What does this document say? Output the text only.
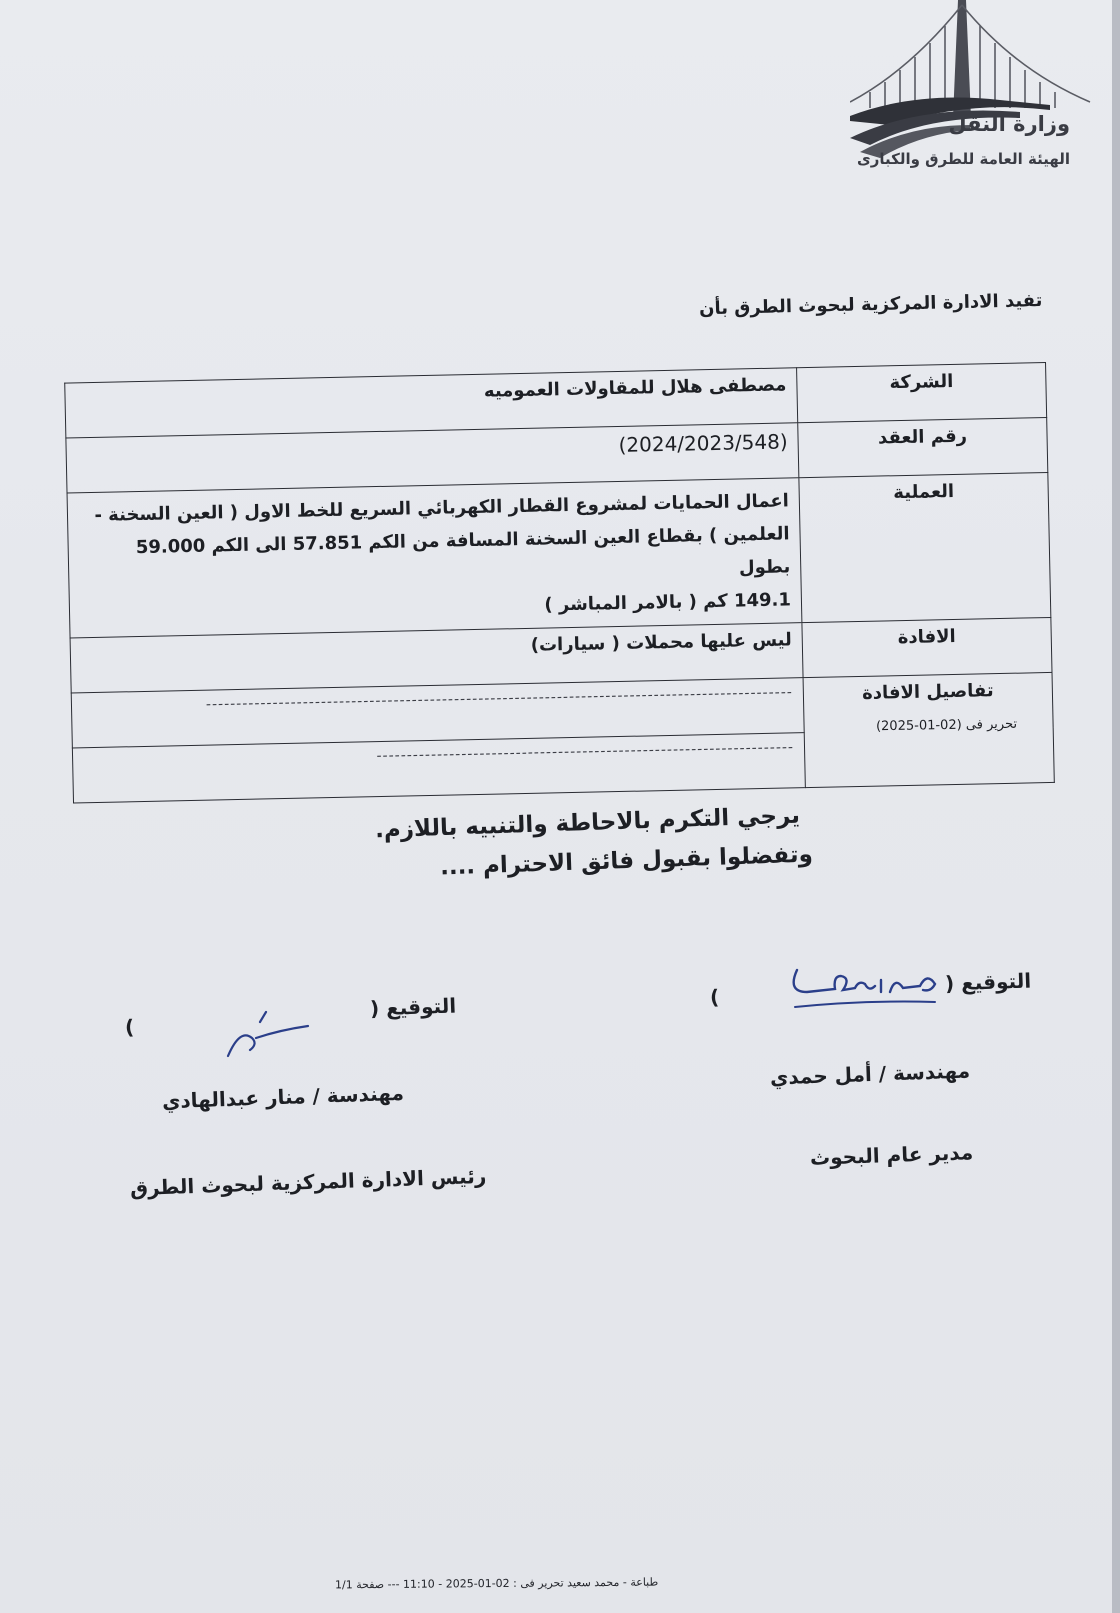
وزارة النقل
الهيئة العامة للطرق والكبارى
تفيد الادارة المركزية لبحوث الطرق بأن
الشركة	مصطفى هلال للمقاولات العموميه
رقم العقد	(2024/2023/548)
العملية	اعمال الحمايات لمشروع القطار الكهربائي السريع للخط الاول ( العين السخنة -
العلمين ) بقطاع العين السخنة المسافة من الكم 57.851 الى الكم 59.000 بطول
149.1 كم ( بالامر المباشر )

الافادة	ليس عليها محملات ( سيارات)
تفاصيل الافادة	-------------------------------------------------------------------------------------------------

	---------------------------------------------------------------------
تحرير فى (02-01-2025)
يرجي التكرم بالاحاطة والتنبيه باللازم.
وتفضلوا بقبول فائق الاحترام ....
التوقيع (
)
مهندسة / أمل حمدي
مدير عام البحوث
التوقيع (
)
مهندسة / منار عبدالهادي
رئيس الادارة المركزية لبحوث الطرق
طباعة - محمد سعيد تحرير فى : 02-01-2025 - 11:10 --- صفحة 1/1
